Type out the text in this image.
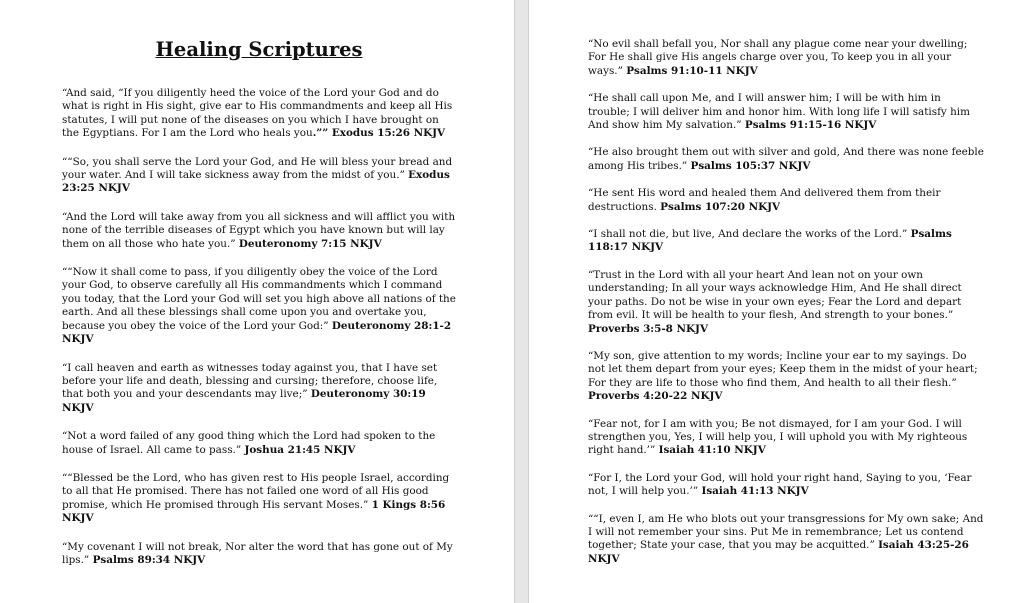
Healing Scriptures

“And said, “If you diligently heed the voice of the Lord your God and do what is right in His sight, give ear to His commandments and keep all His statutes, I will put none of the diseases on you which I have brought on the Egyptians. For I am the Lord who heals you.”” Exodus 15:26 NKJV

““So, you shall serve the Lord your God, and He will bless your bread and your water. And I will take sickness away from the midst of you.” Exodus 23:25 NKJV

“And the Lord will take away from you all sickness and will afflict you with none of the terrible diseases of Egypt which you have known but will lay them on all those who hate you.” Deuteronomy 7:15 NKJV

““Now it shall come to pass, if you diligently obey the voice of the Lord your God, to observe carefully all His commandments which I command you today, that the Lord your God will set you high above all nations of the earth. And all these blessings shall come upon you and overtake you, because you obey the voice of the Lord your God:” Deuteronomy 28:1-2 NKJV

“I call heaven and earth as witnesses today against you, that I have set before your life and death, blessing and cursing; therefore, choose life, that both you and your descendants may live;” Deuteronomy 30:19 NKJV

“Not a word failed of any good thing which the Lord had spoken to the house of Israel. All came to pass.” Joshua 21:45 NKJV

““Blessed be the Lord, who has given rest to His people Israel, according to all that He promised. There has not failed one word of all His good promise, which He promised through His servant Moses.” 1 Kings 8:56 NKJV

“My covenant I will not break, Nor alter the word that has gone out of My lips.” Psalms 89:34 NKJV

“No evil shall befall you, Nor shall any plague come near your dwelling; For He shall give His angels charge over you, To keep you in all your ways.” Psalms 91:10-11 NKJV

“He shall call upon Me, and I will answer him; I will be with him in trouble; I will deliver him and honor him. With long life I will satisfy him And show him My salvation.” Psalms 91:15-16 NKJV

“He also brought them out with silver and gold, And there was none feeble among His tribes.” Psalms 105:37 NKJV

“He sent His word and healed them And delivered them from their destructions. Psalms 107:20 NKJV

“I shall not die, but live, And declare the works of the Lord.” Psalms 118:17 NKJV

“Trust in the Lord with all your heart And lean not on your own understanding; In all your ways acknowledge Him, And He shall direct your paths. Do not be wise in your own eyes; Fear the Lord and depart from evil. It will be health to your flesh, And strength to your bones.” Proverbs 3:5-8 NKJV

“My son, give attention to my words; Incline your ear to my sayings. Do not let them depart from your eyes; Keep them in the midst of your heart; For they are life to those who find them, And health to all their flesh.” Proverbs 4:20-22 NKJV

“Fear not, for I am with you; Be not dismayed, for I am your God. I will strengthen you, Yes, I will help you, I will uphold you with My righteous right hand.’” Isaiah 41:10 NKJV

“For I, the Lord your God, will hold your right hand, Saying to you, ‘Fear not, I will help you.’” Isaiah 41:13 NKJV

““I, even I, am He who blots out your transgressions for My own sake; And I will not remember your sins. Put Me in remembrance; Let us contend together; State your case, that you may be acquitted.” Isaiah 43:25-26 NKJV
